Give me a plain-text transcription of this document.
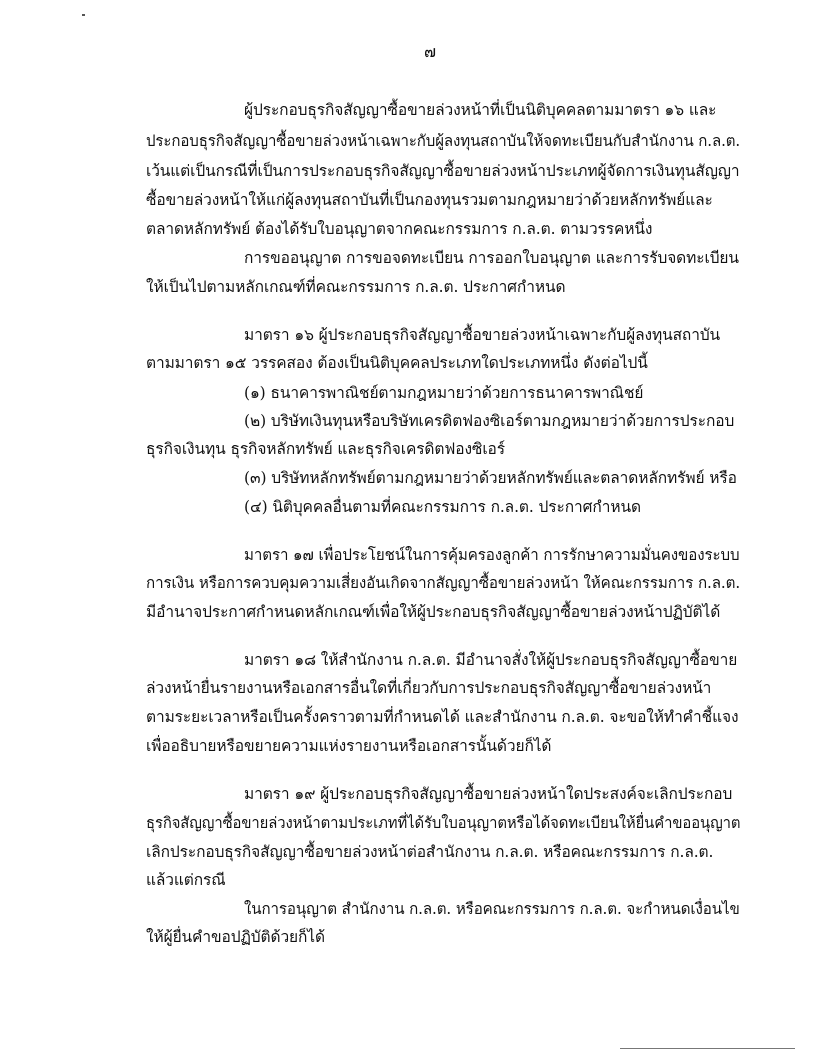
๗
ผู้ประกอบธุรกิจสัญญาซื้อขายล่วงหน้าที่เป็นนิติบุคคลตามมาตรา ๑๖ และ
ประกอบธุรกิจสัญญาซื้อขายล่วงหน้าเฉพาะกับผู้ลงทุนสถาบันให้จดทะเบียนกับสำนักงาน ก.ล.ต.
เว้นแต่เป็นกรณีที่เป็นการประกอบธุรกิจสัญญาซื้อขายล่วงหน้าประเภทผู้จัดการเงินทุนสัญญา
ซื้อขายล่วงหน้าให้แก่ผู้ลงทุนสถาบันที่เป็นกองทุนรวมตามกฎหมายว่าด้วยหลักทรัพย์และ
ตลาดหลักทรัพย์ ต้องได้รับใบอนุญาตจากคณะกรรมการ ก.ล.ต. ตามวรรคหนึ่ง
การขออนุญาต การขอจดทะเบียน การออกใบอนุญาต และการรับจดทะเบียน
ให้เป็นไปตามหลักเกณฑ์ที่คณะกรรมการ ก.ล.ต. ประกาศกำหนด
มาตรา ๑๖ ผู้ประกอบธุรกิจสัญญาซื้อขายล่วงหน้าเฉพาะกับผู้ลงทุนสถาบัน
ตามมาตรา ๑๕ วรรคสอง ต้องเป็นนิติบุคคลประเภทใดประเภทหนึ่ง ดังต่อไปนี้
(๑) ธนาคารพาณิชย์ตามกฎหมายว่าด้วยการธนาคารพาณิชย์
(๒) บริษัทเงินทุนหรือบริษัทเครดิตฟองซิเอร์ตามกฎหมายว่าด้วยการประกอบ
ธุรกิจเงินทุน ธุรกิจหลักทรัพย์ และธุรกิจเครดิตฟองซิเอร์
(๓) บริษัทหลักทรัพย์ตามกฎหมายว่าด้วยหลักทรัพย์และตลาดหลักทรัพย์ หรือ
(๔) นิติบุคคลอื่นตามที่คณะกรรมการ ก.ล.ต. ประกาศกำหนด
มาตรา ๑๗ เพื่อประโยชน์ในการคุ้มครองลูกค้า การรักษาความมั่นคงของระบบ
การเงิน หรือการควบคุมความเสี่ยงอันเกิดจากสัญญาซื้อขายล่วงหน้า ให้คณะกรรมการ ก.ล.ต.
มีอำนาจประกาศกำหนดหลักเกณฑ์เพื่อให้ผู้ประกอบธุรกิจสัญญาซื้อขายล่วงหน้าปฏิบัติได้
มาตรา ๑๘ ให้สำนักงาน ก.ล.ต. มีอำนาจสั่งให้ผู้ประกอบธุรกิจสัญญาซื้อขาย
ล่วงหน้ายื่นรายงานหรือเอกสารอื่นใดที่เกี่ยวกับการประกอบธุรกิจสัญญาซื้อขายล่วงหน้า
ตามระยะเวลาหรือเป็นครั้งคราวตามที่กำหนดได้ และสำนักงาน ก.ล.ต. จะขอให้ทำคำชี้แจง
เพื่ออธิบายหรือขยายความแห่งรายงานหรือเอกสารนั้นด้วยก็ได้
มาตรา ๑๙ ผู้ประกอบธุรกิจสัญญาซื้อขายล่วงหน้าใดประสงค์จะเลิกประกอบ
ธุรกิจสัญญาซื้อขายล่วงหน้าตามประเภทที่ได้รับใบอนุญาตหรือได้จดทะเบียนให้ยื่นคำขออนุญาต
เลิกประกอบธุรกิจสัญญาซื้อขายล่วงหน้าต่อสำนักงาน ก.ล.ต. หรือคณะกรรมการ ก.ล.ต.
แล้วแต่กรณี
ในการอนุญาต สำนักงาน ก.ล.ต. หรือคณะกรรมการ ก.ล.ต. จะกำหนดเงื่อนไข
ให้ผู้ยื่นคำขอปฏิบัติด้วยก็ได้
